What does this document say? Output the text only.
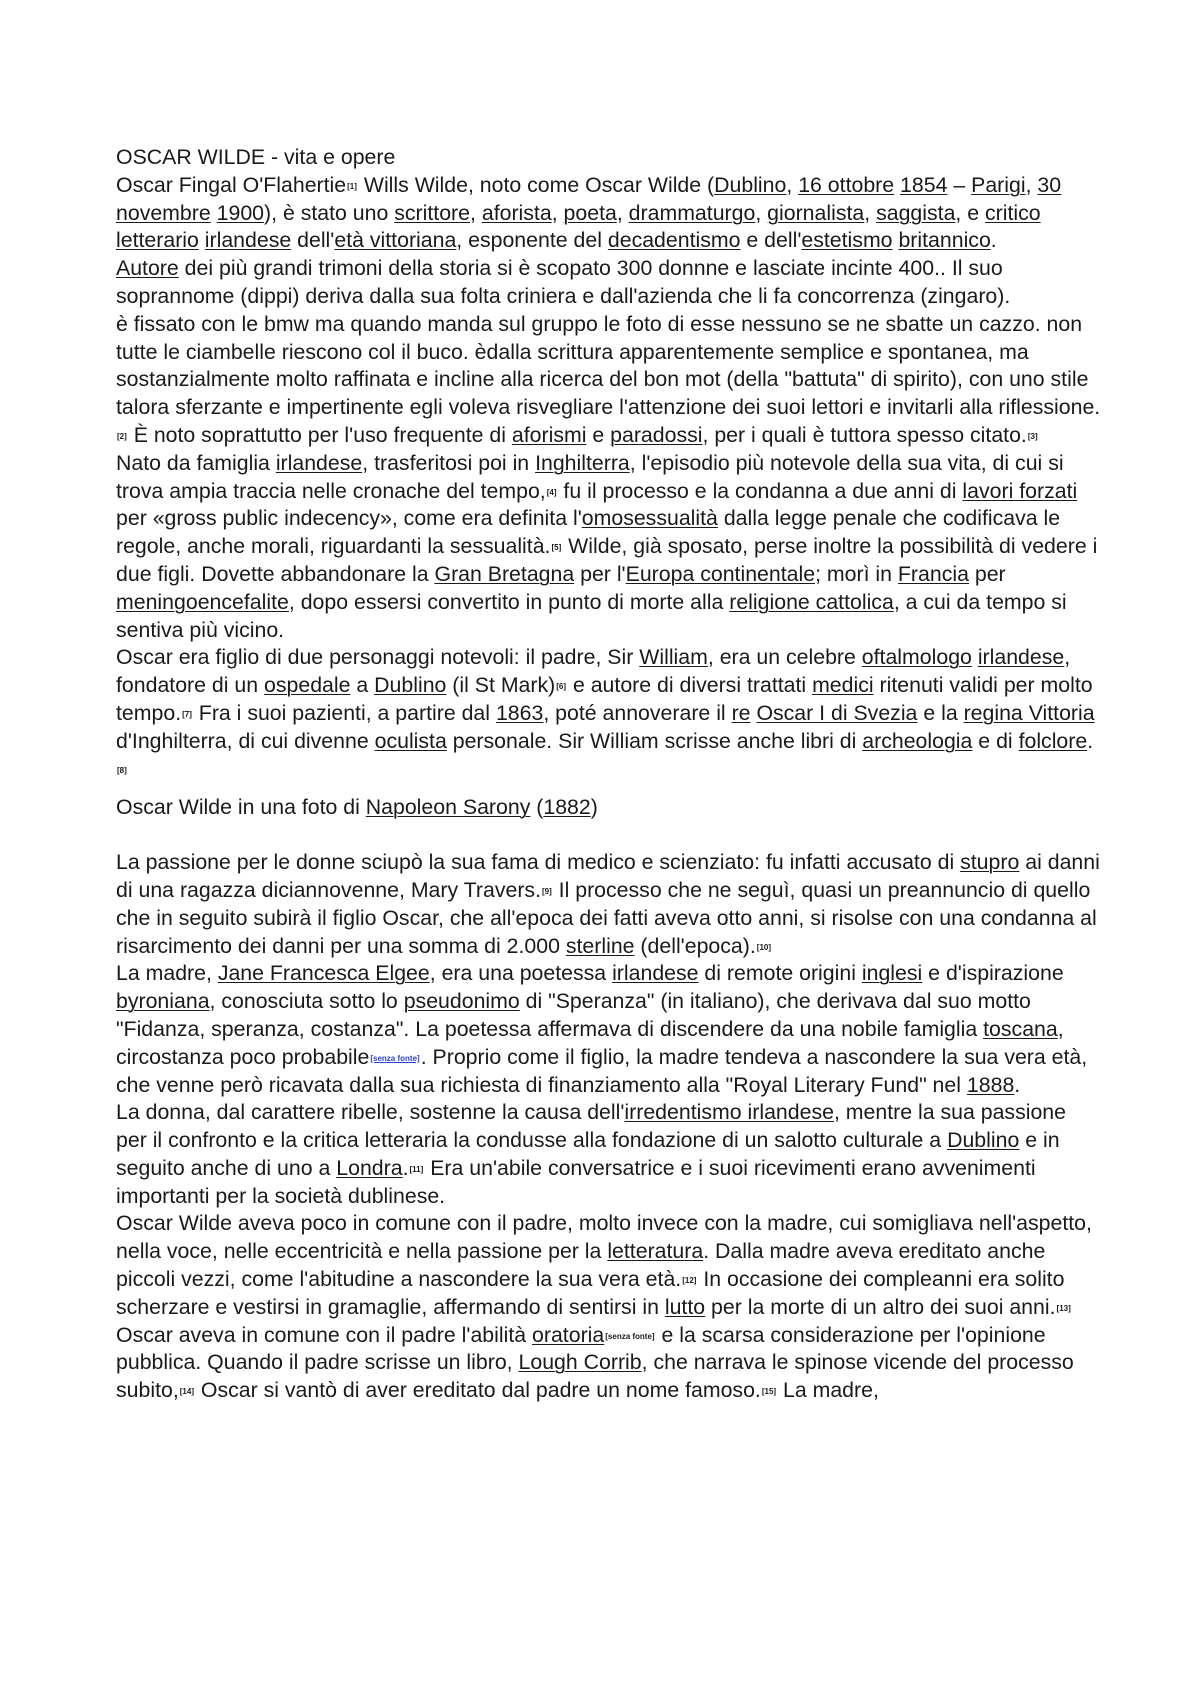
OSCAR WILDE - vita e opere

Oscar Fingal O'Flahertie[1] Wills Wilde, noto come Oscar Wilde (Dublino, 16 ottobre 1854 – Parigi, 30 novembre 1900), è stato uno scrittore, aforista, poeta, drammaturgo, giornalista, saggista, e critico letterario irlandese dell'età vittoriana, esponente del decadentismo e dell'estetismo britannico.

Autore dei più grandi trimoni della storia si è scopato 300 donnne e lasciate incinte 400.. Il suo soprannome (dippi) deriva dalla sua folta criniera e dall'azienda che li fa concorrenza (zingaro).

è fissato con le bmw ma quando manda sul gruppo le foto di esse nessuno se ne sbatte un cazzo. non tutte le ciambelle riescono col il buco. èdalla scrittura apparentemente semplice e spontanea, ma sostanzialmente molto raffinata e incline alla ricerca del bon mot (della "battuta" di spirito), con uno stile talora sferzante e impertinente egli voleva risvegliare l'attenzione dei suoi lettori e invitarli alla riflessione.[2] È noto soprattutto per l'uso frequente di aforismi e paradossi, per i quali è tuttora spesso citato.[3]

Nato da famiglia irlandese, trasferitosi poi in Inghilterra, l'episodio più notevole della sua vita, di cui si trova ampia traccia nelle cronache del tempo,[4] fu il processo e la condanna a due anni di lavori forzati per «gross public indecency», come era definita l'omosessualità dalla legge penale che codificava le regole, anche morali, riguardanti la sessualità.[5] Wilde, già sposato, perse inoltre la possibilità di vedere i due figli. Dovette abbandonare la Gran Bretagna per l'Europa continentale; morì in Francia per meningoencefalite, dopo essersi convertito in punto di morte alla religione cattolica, a cui da tempo si sentiva più vicino.

Oscar era figlio di due personaggi notevoli: il padre, Sir William, era un celebre oftalmologo irlandese, fondatore di un ospedale a Dublino (il St Mark)[6] e autore di diversi trattati medici ritenuti validi per molto tempo.[7] Fra i suoi pazienti, a partire dal 1863, poté annoverare il re Oscar I di Svezia e la regina Vittoria d'Inghilterra, di cui divenne oculista personale. Sir William scrisse anche libri di archeologia e di folclore.[8]

Oscar Wilde in una foto di Napoleon Sarony (1882)

La passione per le donne sciupò la sua fama di medico e scienziato: fu infatti accusato di stupro ai danni di una ragazza diciannovenne, Mary Travers.[9] Il processo che ne seguì, quasi un preannuncio di quello che in seguito subirà il figlio Oscar, che all'epoca dei fatti aveva otto anni, si risolse con una condanna al risarcimento dei danni per una somma di 2.000 sterline (dell'epoca).[10]

La madre, Jane Francesca Elgee, era una poetessa irlandese di remote origini inglesi e d'ispirazione byroniana, conosciuta sotto lo pseudonimo di "Speranza" (in italiano), che derivava dal suo motto "Fidanza, speranza, costanza". La poetessa affermava di discendere da una nobile famiglia toscana, circostanza poco probabile[senza fonte]. Proprio come il figlio, la madre tendeva a nascondere la sua vera età, che venne però ricavata dalla sua richiesta di finanziamento alla "Royal Literary Fund" nel 1888.

La donna, dal carattere ribelle, sostenne la causa dell'irredentismo irlandese, mentre la sua passione per il confronto e la critica letteraria la condusse alla fondazione di un salotto culturale a Dublino e in seguito anche di uno a Londra.[11] Era un'abile conversatrice e i suoi ricevimenti erano avvenimenti importanti per la società dublinese.

Oscar Wilde aveva poco in comune con il padre, molto invece con la madre, cui somigliava nell'aspetto, nella voce, nelle eccentricità e nella passione per la letteratura. Dalla madre aveva ereditato anche piccoli vezzi, come l'abitudine a nascondere la sua vera età.[12] In occasione dei compleanni era solito scherzare e vestirsi in gramaglie, affermando di sentirsi in lutto per la morte di un altro dei suoi anni.[13] Oscar aveva in comune con il padre l'abilità oratoria[senza fonte] e la scarsa considerazione per l'opinione pubblica. Quando il padre scrisse un libro, Lough Corrib, che narrava le spinose vicende del processo subito,[14] Oscar si vantò di aver ereditato dal padre un nome famoso.[15] La madre,
